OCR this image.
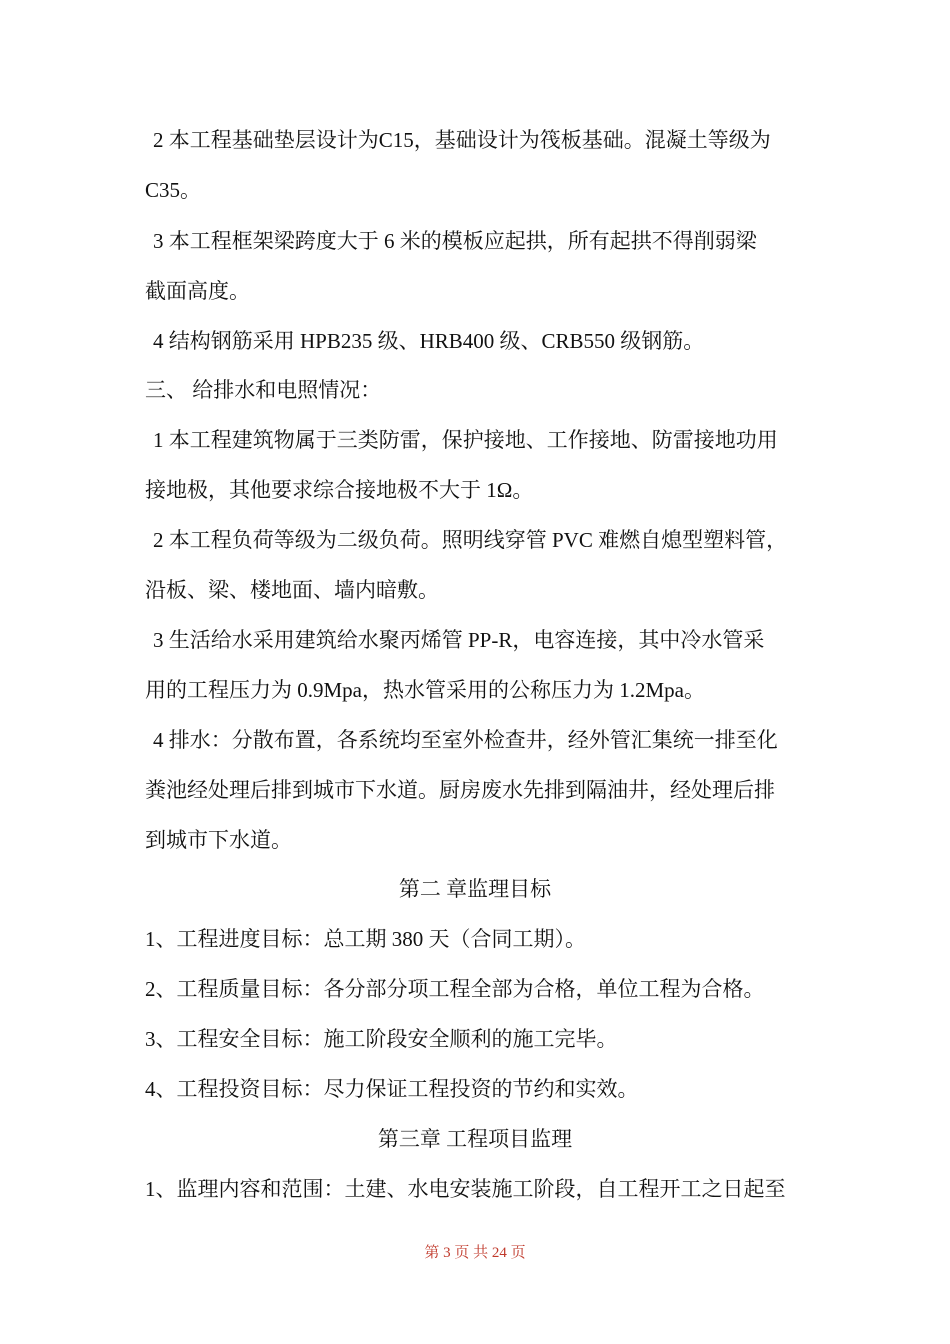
2 本工程基础垫层设计为C15，基础设计为筏板基础。混凝土等级为
C35。
3 本工程框架梁跨度大于 6 米的模板应起拱，所有起拱不得削弱梁
截面高度。
4 结构钢筋采用 HPB235 级、HRB400 级、CRB550 级钢筋。
三、 给排水和电照情况：
1 本工程建筑物属于三类防雷，保护接地、工作接地、防雷接地功用
接地极，其他要求综合接地极不大于 1Ω。
2 本工程负荷等级为二级负荷。照明线穿管 PVC 难燃自熄型塑料管，
沿板、梁、楼地面、墙内暗敷。
3 生活给水采用建筑给水聚丙烯管 PP-R，电容连接，其中冷水管采
用的工程压力为 0.9Mpa，热水管采用的公称压力为 1.2Mpa。
4 排水：分散布置，各系统均至室外检查井，经外管汇集统一排至化
粪池经处理后排到城市下水道。厨房废水先排到隔油井，经处理后排
到城市下水道。
第二 章监理目标
1、工程进度目标：总工期 380 天（合同工期）。
2、工程质量目标：各分部分项工程全部为合格，单位工程为合格。
3、工程安全目标：施工阶段安全顺利的施工完毕。
4、工程投资目标：尽力保证工程投资的节约和实效。
第三章 工程项目监理
1、监理内容和范围：土建、水电安装施工阶段，自工程开工之日起至
第 3 页 共 24 页
